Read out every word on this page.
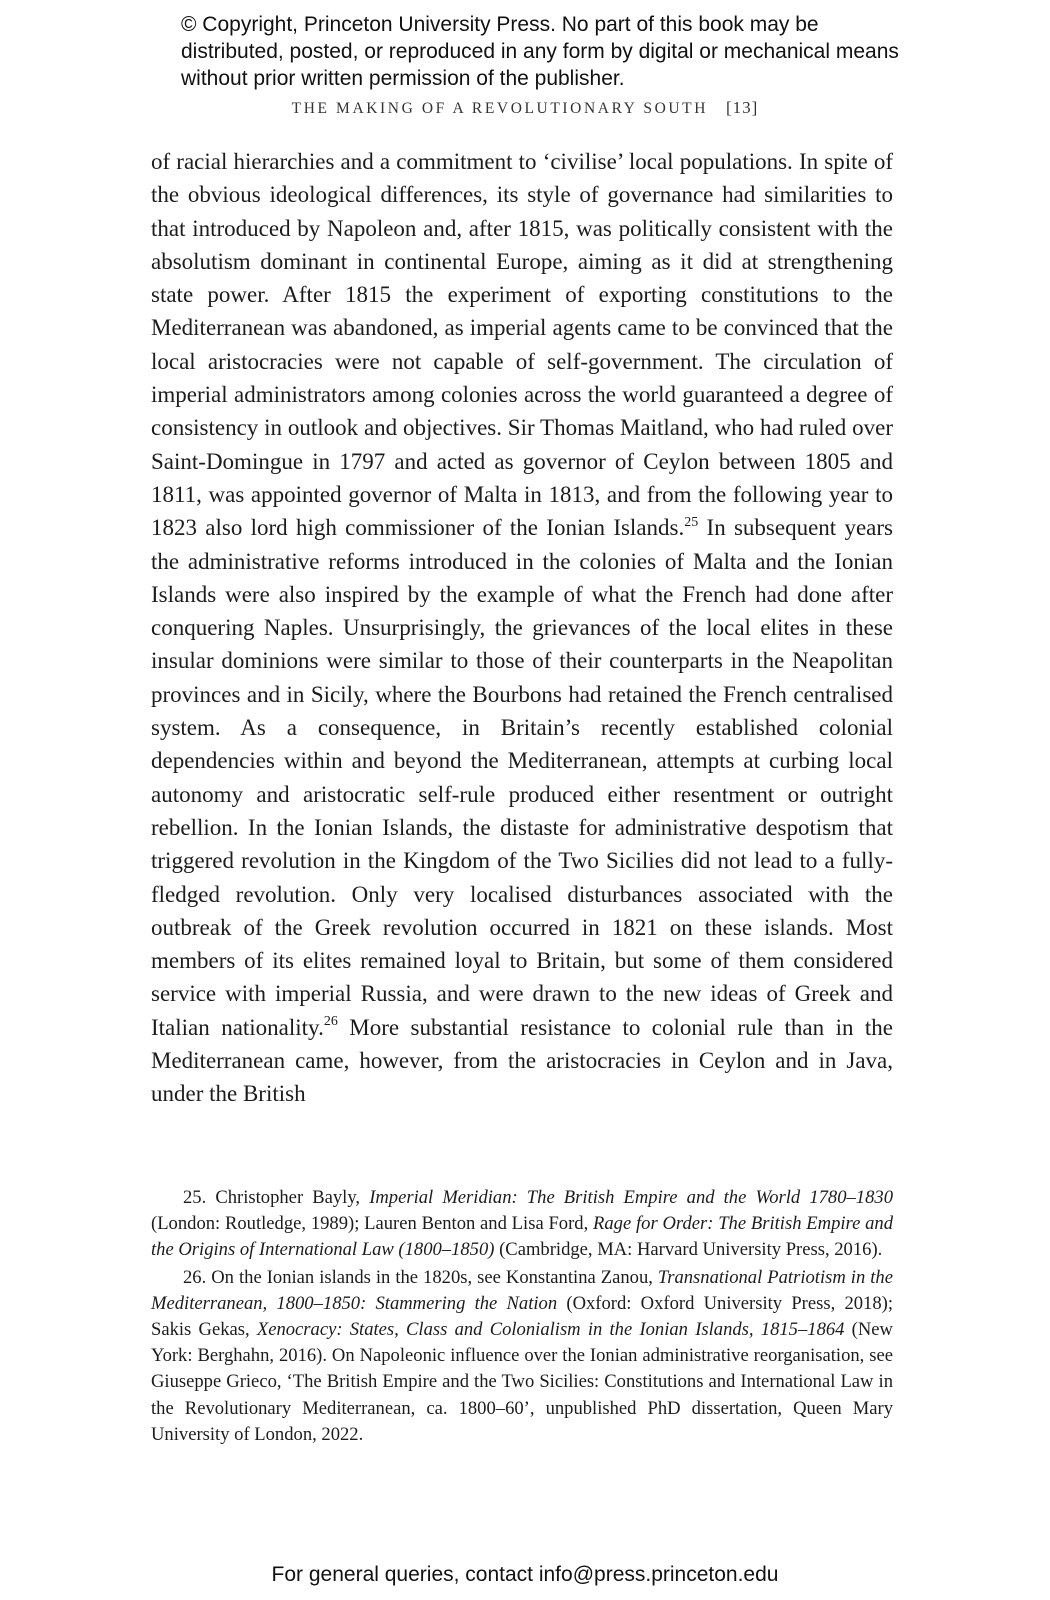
© Copyright, Princeton University Press. No part of this book may be distributed, posted, or reproduced in any form by digital or mechanical means without prior written permission of the publisher.
THE MAKING OF A REVOLUTIONARY SOUTH [13]

of racial hierarchies and a commitment to ‘civilise’ local populations. In spite of the obvious ideological differences, its style of governance had similarities to that introduced by Napoleon and, after 1815, was politically consistent with the absolutism dominant in continental Europe, aiming as it did at strengthening state power. After 1815 the experiment of exporting constitutions to the Mediterranean was abandoned, as imperial agents came to be convinced that the local aristocracies were not capable of self-government. The circulation of imperial administrators among colonies across the world guaranteed a degree of consistency in outlook and objectives. Sir Thomas Maitland, who had ruled over Saint-Domingue in 1797 and acted as governor of Ceylon between 1805 and 1811, was appointed governor of Malta in 1813, and from the following year to 1823 also lord high commissioner of the Ionian Islands.$^{25}$ In subsequent years the administrative reforms introduced in the colonies of Malta and the Ionian Islands were also inspired by the example of what the French had done after conquering Naples. Unsurprisingly, the grievances of the local elites in these insular dominions were similar to those of their counterparts in the Neapolitan provinces and in Sicily, where the Bourbons had retained the French centralised system. As a consequence, in Britain’s recently established colonial dependencies within and beyond the Mediterranean, attempts at curbing local autonomy and aristocratic self-rule produced either resentment or outright rebellion. In the Ionian Islands, the distaste for administrative despotism that triggered revolution in the Kingdom of the Two Sicilies did not lead to a fully-fledged revolution. Only very localised disturbances associated with the outbreak of the Greek revolution occurred in 1821 on these islands. Most members of its elites remained loyal to Britain, but some of them considered service with imperial Russia, and were drawn to the new ideas of Greek and Italian nationality.$^{26}$ More substantial resistance to colonial rule than in the Mediterranean came, however, from the aristocracies in Ceylon and in Java, under the British

25. Christopher Bayly, Imperial Meridian: The British Empire and the World 1780–1830 (London: Routledge, 1989); Lauren Benton and Lisa Ford, Rage for Order: The British Empire and the Origins of International Law (1800–1850) (Cambridge, MA: Harvard University Press, 2016).

26. On the Ionian islands in the 1820s, see Konstantina Zanou, Transnational Patriotism in the Mediterranean, 1800–1850: Stammering the Nation (Oxford: Oxford University Press, 2018); Sakis Gekas, Xenocracy: States, Class and Colonialism in the Ionian Islands, 1815–1864 (New York: Berghahn, 2016). On Napoleonic influence over the Ionian administrative reorganisation, see Giuseppe Grieco, ‘The British Empire and the Two Sicilies: Constitutions and International Law in the Revolutionary Mediterranean, ca. 1800–60’, unpublished PhD dissertation, Queen Mary University of London, 2022.

For general queries, contact info@press.princeton.edu
